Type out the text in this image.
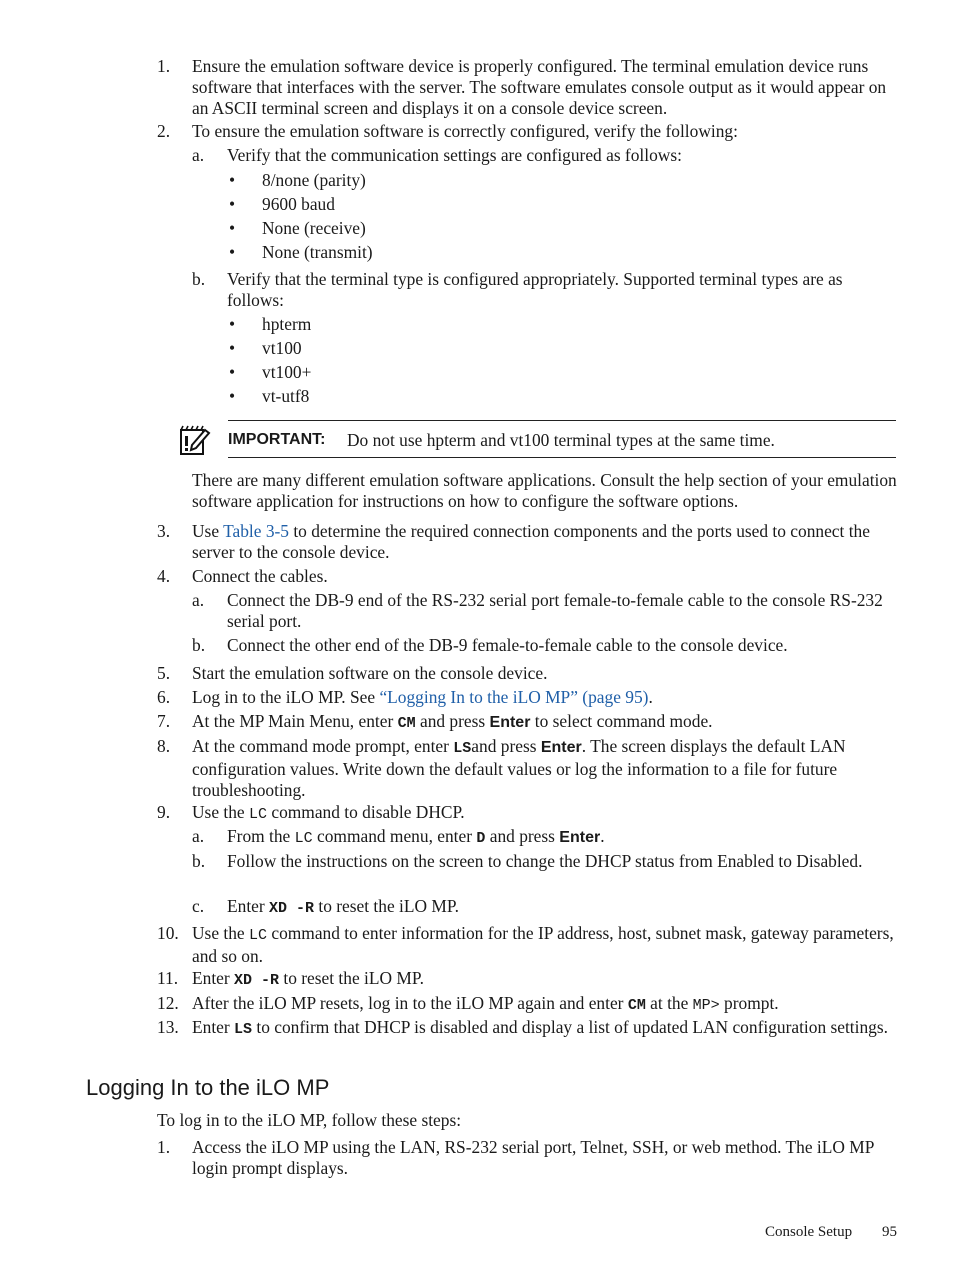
1. Ensure the emulation software device is properly configured. The terminal emulation device runs software that interfaces with the server. The software emulates console output as it would appear on an ASCII terminal screen and displays it on a console device screen.
2. To ensure the emulation software is correctly configured, verify the following:
a. Verify that the communication settings are configured as follows:
• 8/none (parity)
• 9600 baud
• None (receive)
• None (transmit)
b. Verify that the terminal type is configured appropriately. Supported terminal types are as follows:
• hpterm
• vt100
• vt100+
• vt-utf8
IMPORTANT: Do not use hpterm and vt100 terminal types at the same time.
There are many different emulation software applications. Consult the help section of your emulation software application for instructions on how to configure the software options.
3. Use Table 3-5 to determine the required connection components and the ports used to connect the server to the console device.
4. Connect the cables.
a. Connect the DB-9 end of the RS-232 serial port female-to-female cable to the console RS-232 serial port.
b. Connect the other end of the DB-9 female-to-female cable to the console device.
5. Start the emulation software on the console device.
6. Log in to the iLO MP. See “Logging In to the iLO MP” (page 95).
7. At the MP Main Menu, enter CM and press Enter to select command mode.
8. At the command mode prompt, enter LSand press Enter. The screen displays the default LAN configuration values. Write down the default values or log the information to a file for future troubleshooting.
9. Use the LC command to disable DHCP.
a. From the LC command menu, enter D and press Enter.
b. Follow the instructions on the screen to change the DHCP status from Enabled to Disabled.
c. Enter XD -R to reset the iLO MP.
10. Use the LC command to enter information for the IP address, host, subnet mask, gateway parameters, and so on.
11. Enter XD -R to reset the iLO MP.
12. After the iLO MP resets, log in to the iLO MP again and enter CM at the MP> prompt.
13. Enter LS to confirm that DHCP is disabled and display a list of updated LAN configuration settings.
Logging In to the iLO MP
To log in to the iLO MP, follow these steps:
1. Access the iLO MP using the LAN, RS-232 serial port, Telnet, SSH, or web method. The iLO MP login prompt displays.
Console Setup 95
